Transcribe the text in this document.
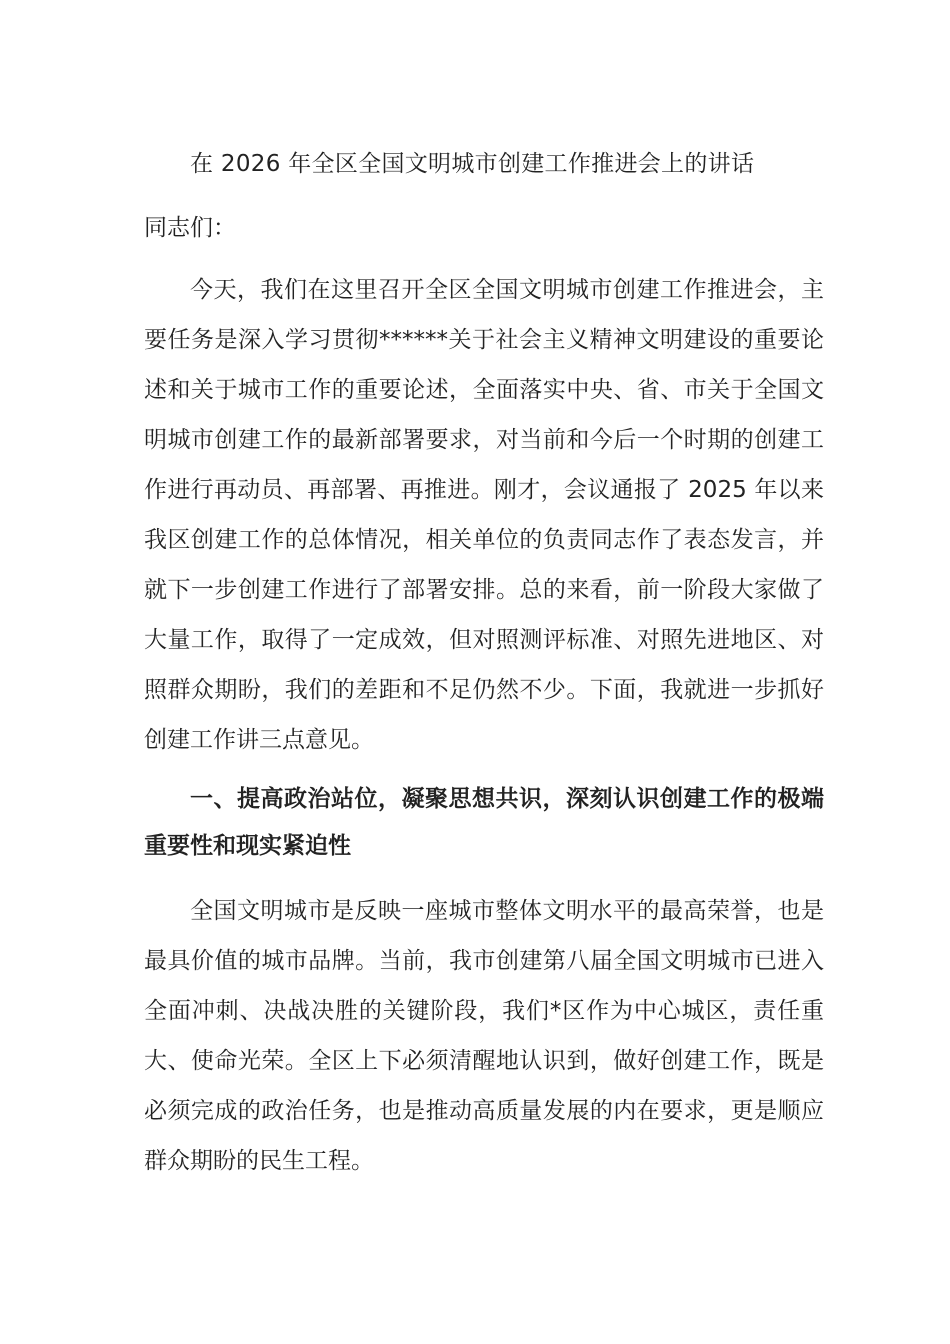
在 2026 年全区全国文明城市创建工作推进会上的讲话
同志们：

今天，我们在这里召开全区全国文明城市创建工作推进会，主要任务是深入学习贯彻******关于社会主义精神文明建设的重要论述和关于城市工作的重要论述，全面落实中央、省、市关于全国文明城市创建工作的最新部署要求，对当前和今后一个时期的创建工作进行再动员、再部署、再推进。刚才，会议通报了 2025 年以来我区创建工作的总体情况，相关单位的负责同志作了表态发言，并就下一步创建工作进行了部署安排。总的来看，前一阶段大家做了大量工作，取得了一定成效，但对照测评标准、对照先进地区、对照群众期盼，我们的差距和不足仍然不少。下面，我就进一步抓好创建工作讲三点意见。

一、提高政治站位，凝聚思想共识，深刻认识创建工作的极端重要性和现实紧迫性

全国文明城市是反映一座城市整体文明水平的最高荣誉，也是最具价值的城市品牌。当前，我市创建第八届全国文明城市已进入全面冲刺、决战决胜的关键阶段，我们*区作为中心城区，责任重大、使命光荣。全区上下必须清醒地认识到，做好创建工作，既是必须完成的政治任务，也是推动高质量发展的内在要求，更是顺应群众期盼的民生工程。
